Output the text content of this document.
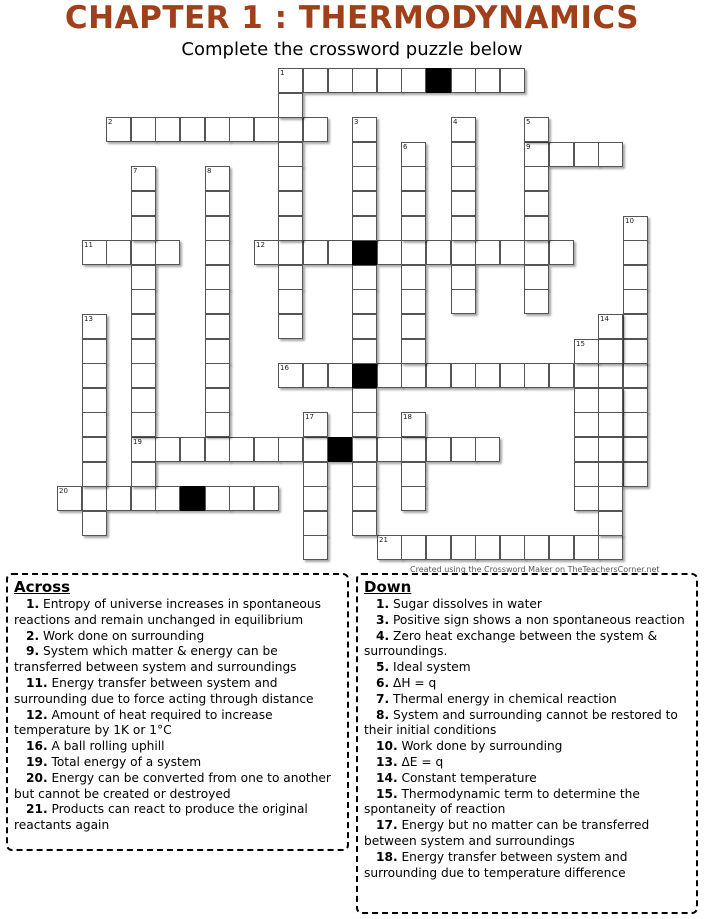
CHAPTER 1 : THERMODYNAMICS
Complete the crossword puzzle below
1
2
9
11	12
16
19
20
21
3
6
4	5
7	8
10
13
15
14
17	18
Created using the Crossword Maker on TheTeachersCorner.net
Across
1. Entropy of universe increases in spontaneous reactions and remain unchanged in equilibrium
2. Work done on surrounding
9. System which matter & energy can be transferred between system and surroundings
11. Energy transfer between system and surrounding due to force acting through distance
12. Amount of heat required to increase temperature by 1K or 1°C
16. A ball rolling uphill
19. Total energy of a system
20. Energy can be converted from one to another but cannot be created or destroyed
21. Products can react to produce the original reactants again
Down
1. Sugar dissolves in water
3. Positive sign shows a non spontaneous reaction
4. Zero heat exchange between the system & surroundings.
5. Ideal system
6. ΔH = q
7. Thermal energy in chemical reaction
8. System and surrounding cannot be restored to their initial conditions
10. Work done by surrounding
13. ΔE = q
14. Constant temperature
15. Thermodynamic term to determine the spontaneity of reaction
17. Energy but no matter can be transferred between system and surroundings
18. Energy transfer between system and surrounding due to temperature difference
